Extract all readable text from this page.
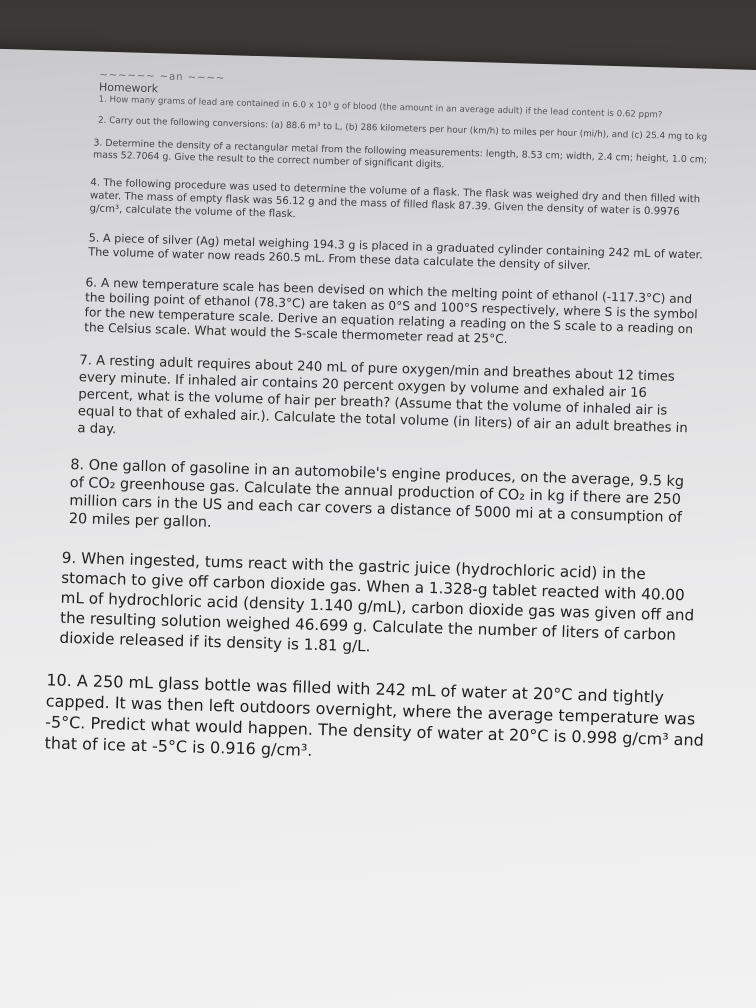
~~~~~~ ~an ~~~~
Homework

1. How many grams of lead are contained in 6.0 x 10³ g of blood (the amount in an average adult) if the lead content is 0.62 ppm?

2. Carry out the following conversions: (a) 88.6 m³ to L, (b) 286 kilometers per hour (km/h) to miles per hour (mi/h), and (c) 25.4 mg to kg

3. Determine the density of a rectangular metal from the following measurements: length, 8.53 cm; width, 2.4 cm; height, 1.0 cm; mass 52.7064 g. Give the result to the correct number of significant digits.

4. The following procedure was used to determine the volume of a flask. The flask was weighed dry and then filled with water. The mass of empty flask was 56.12 g and the mass of filled flask 87.39. Given the density of water is 0.9976 g/cm³, calculate the volume of the flask.

5. A piece of silver (Ag) metal weighing 194.3 g is placed in a graduated cylinder containing 242 mL of water. The volume of water now reads 260.5 mL. From these data calculate the density of silver.

6. A new temperature scale has been devised on which the melting point of ethanol (-117.3°C) and the boiling point of ethanol (78.3°C) are taken as 0°S and 100°S respectively, where S is the symbol for the new temperature scale. Derive an equation relating a reading on the S scale to a reading on the Celsius scale. What would the S-scale thermometer read at 25°C.

7. A resting adult requires about 240 mL of pure oxygen/min and breathes about 12 times every minute. If inhaled air contains 20 percent oxygen by volume and exhaled air 16 percent, what is the volume of hair per breath? (Assume that the volume of inhaled air is equal to that of exhaled air.). Calculate the total volume (in liters) of air an adult breathes in a day.

8. One gallon of gasoline in an automobile's engine produces, on the average, 9.5 kg of CO₂ greenhouse gas. Calculate the annual production of CO₂ in kg if there are 250 million cars in the US and each car covers a distance of 5000 mi at a consumption of 20 miles per gallon.

9. When ingested, tums react with the gastric juice (hydrochloric acid) in the stomach to give off carbon dioxide gas. When a 1.328-g tablet reacted with 40.00 mL of hydrochloric acid (density 1.140 g/mL), carbon dioxide gas was given off and the resulting solution weighed 46.699 g. Calculate the number of liters of carbon dioxide released if its density is 1.81 g/L.

10. A 250 mL glass bottle was filled with 242 mL of water at 20°C and tightly capped. It was then left outdoors overnight, where the average temperature was -5°C. Predict what would happen. The density of water at 20°C is 0.998 g/cm³ and that of ice at -5°C is 0.916 g/cm³.
